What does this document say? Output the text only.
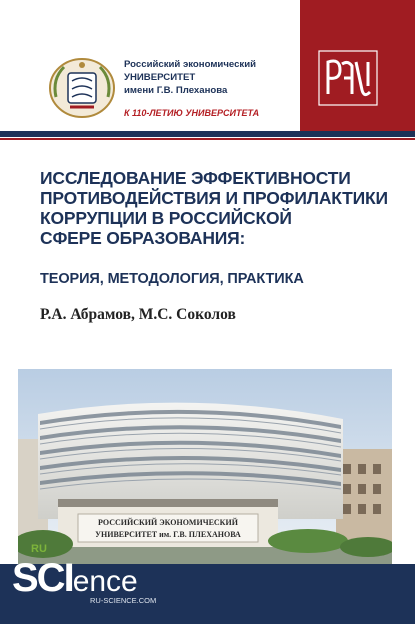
Российский экономический
УНИВЕРСИТЕТ
имени Г.В. Плеханова
К 110-ЛЕТИЮ УНИВЕРСИТЕТА
ИССЛЕДОВАНИЕ ЭФФЕКТИВНОСТИ
ПРОТИВОДЕЙСТВИЯ И ПРОФИЛАКТИКИ
КОРРУПЦИИ В РОССИЙСКОЙ
СФЕРЕ ОБРАЗОВАНИЯ:
ТЕОРИЯ, МЕТОДОЛОГИЯ, ПРАКТИКА
Р.А. Абрамов, М.С. Соколов
РОССИЙСКИЙ ЭКОНОМИЧЕСКИЙ
УНИВЕРСИТЕТ им. Г.В. ПЛЕХАНОВА
RU
SCIence
RU-SCIENCE.COM
